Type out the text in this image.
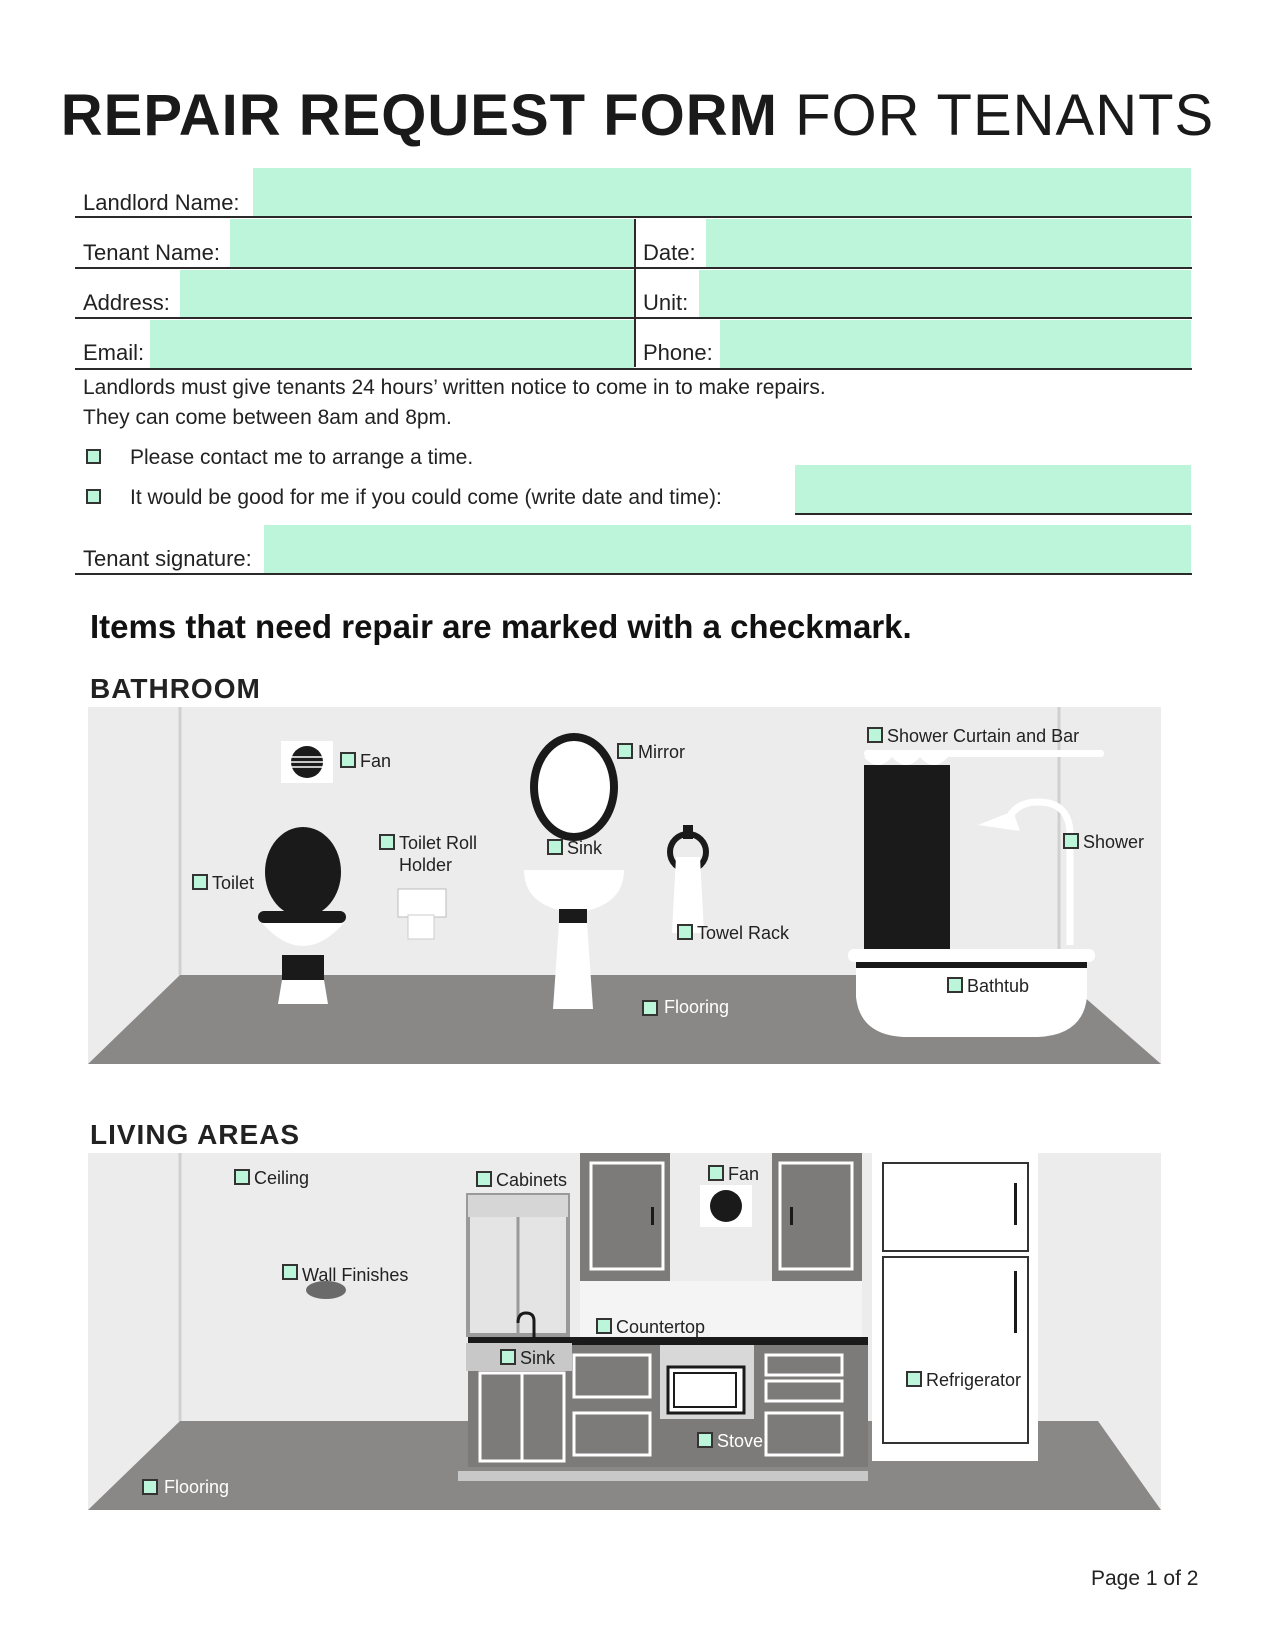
REPAIR REQUEST FORM FOR TENANTS
Landlord Name:
Tenant Name:	Date:
Address:	Unit:
Email:	Phone:
Landlords must give tenants 24 hours’ written notice to come in to make repairs.
They can come between 8am and 8pm.
Please contact me to arrange a time.
It would be good for me if you could come (write date and time):
Tenant signature:
Items that need repair are marked with a checkmark.
BATHROOM
Fan	Mirror
Shower Curtain and Bar
Toilet
Toilet Roll
Holder
Sink	Shower
Towel Rack
Bathtub
Flooring
LIVING AREAS
Ceiling	Cabinets	Fan
Wall Finishes
Countertop
Sink
Refrigerator
Stove
Flooring
Page 1 of 2
